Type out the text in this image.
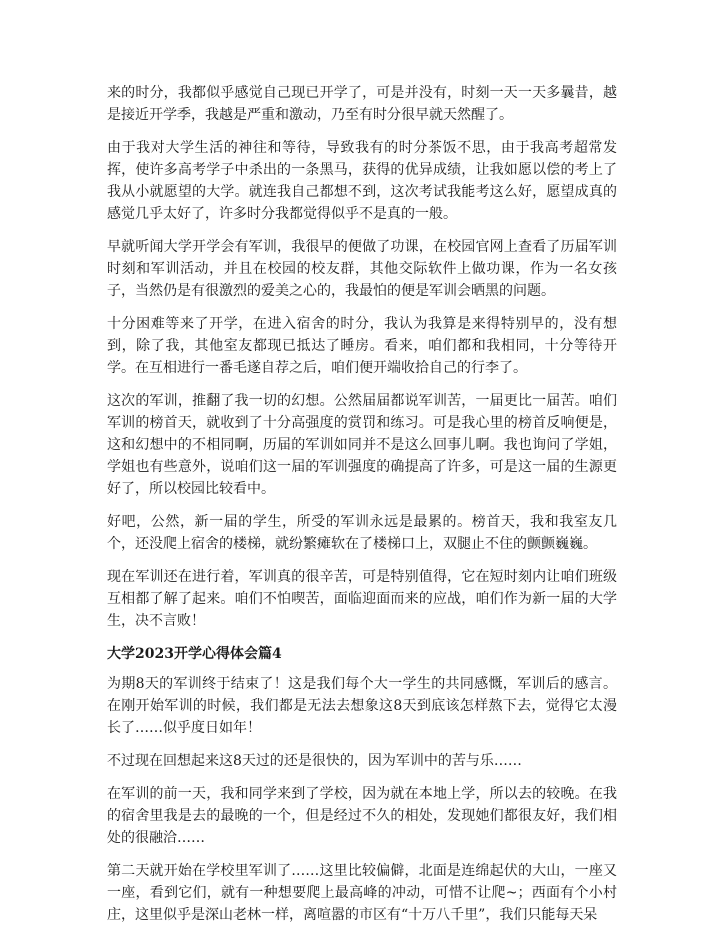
来的时分，我都似乎感觉自己现已开学了，可是并没有，时刻一天一天多曩昔，越是接近开学季，我越是严重和激动，乃至有时分很早就天然醒了。

由于我对大学生活的神往和等待，导致我有的时分茶饭不思，由于我高考超常发挥，使许多高考学子中杀出的一条黑马，获得的优异成绩，让我如愿以偿的考上了我从小就愿望的大学。就连我自己都想不到，这次考试我能考这么好，愿望成真的感觉几乎太好了，许多时分我都觉得似乎不是真的一般。

早就听闻大学开学会有军训，我很早的便做了功课，在校园官网上查看了历届军训时刻和军训活动，并且在校园的校友群，其他交际软件上做功课，作为一名女孩子，当然仍是有很激烈的爱美之心的，我最怕的便是军训会晒黑的问题。

十分困难等来了开学，在进入宿舍的时分，我认为我算是来得特别早的，没有想到，除了我，其他室友都现已抵达了睡房。看来，咱们都和我相同，十分等待开学。在互相进行一番毛遂自荐之后，咱们便开端收拾自己的行李了。

这次的军训，推翻了我一切的幻想。公然届届都说军训苦，一届更比一届苦。咱们军训的榜首天，就收到了十分高强度的赏罚和练习。可是我心里的榜首反响便是，这和幻想中的不相同啊，历届的军训如同并不是这么回事儿啊。我也询问了学姐，学姐也有些意外，说咱们这一届的军训强度的确提高了许多，可是这一届的生源更好了，所以校园比较看中。

好吧，公然，新一届的学生，所受的军训永远是最累的。榜首天，我和我室友几个，还没爬上宿舍的楼梯，就纷繁瘫软在了楼梯口上，双腿止不住的颤颤巍巍。

现在军训还在进行着，军训真的很辛苦，可是特别值得，它在短时刻内让咱们班级互相都了解了起来。咱们不怕喫苦，面临迎面而来的应战，咱们作为新一届的大学生，决不言败！

大学2023开学心得体会篇4

为期8天的军训终于结束了！这是我们每个大一学生的共同感慨，军训后的感言。在刚开始军训的时候，我们都是无法去想象这8天到底该怎样熬下去，觉得它太漫长了……似乎度日如年！

不过现在回想起来这8天过的还是很快的，因为军训中的苦与乐……

在军训的前一天，我和同学来到了学校，因为就在本地上学，所以去的较晚。在我的宿舍里我是去的最晚的一个，但是经过不久的相处，发现她们都很友好，我们相处的很融洽……

第二天就开始在学校里军训了……这里比较偏僻，北面是连绵起伏的大山，一座又一座，看到它们，就有一种想要爬上最高峰的冲动，可惜不让爬~；西面有个小村庄，这里似乎是深山老林一样，离喧嚣的市区有“十万八千里”，我们只能每天呆
